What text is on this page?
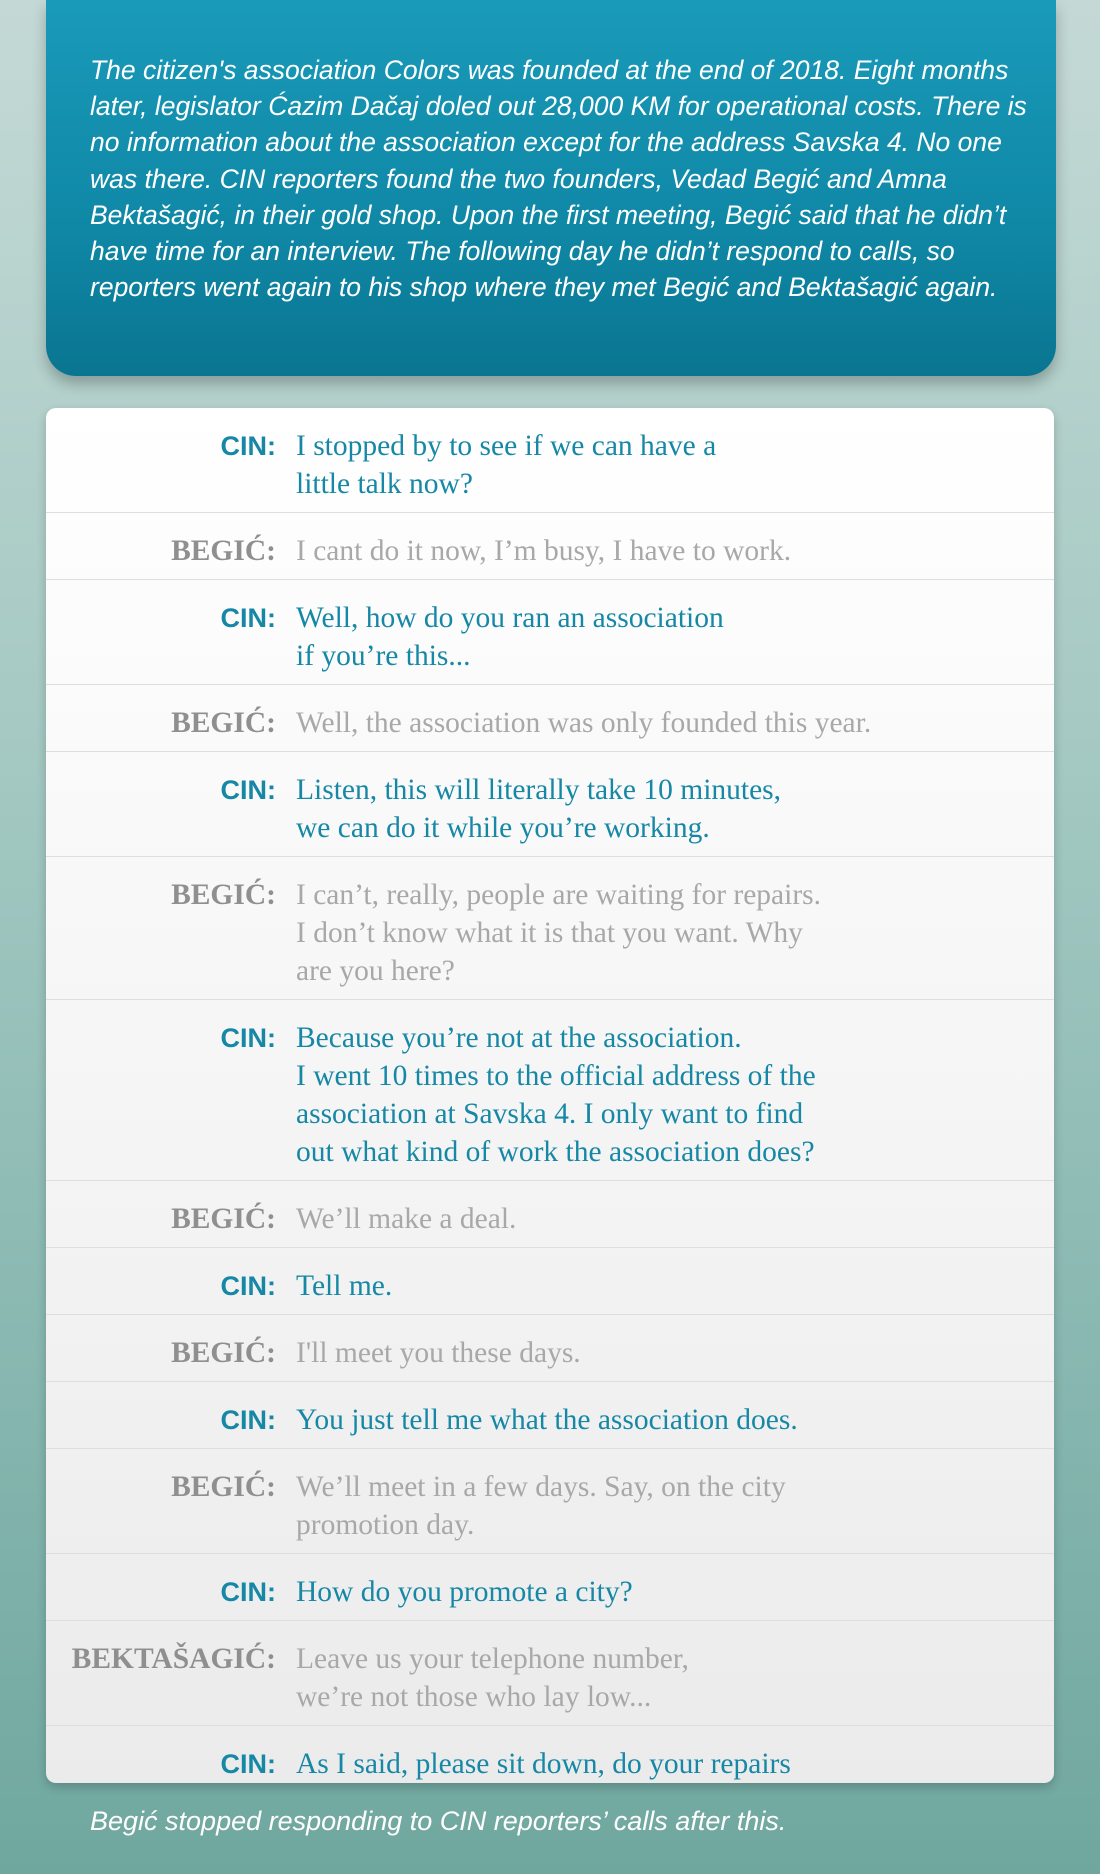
The citizen's association Colors was founded at the end of 2018. Eight months later, legislator Ćazim Dačaj doled out 28,000 KM for operational costs. There is no information about the association except for the address Savska 4. No one was there. CIN reporters found the two founders, Vedad Begić and Amna Bektašagić, in their gold shop. Upon the first meeting, Begić said that he didn’t have time for an interview. The following day he didn’t respond to calls, so reporters went again to his shop where they met Begić and Bektašagić again.

CIN: I stopped by to see if we can have a
little talk now?
BEGIĆ: I cant do it now, I’m busy, I have to work.
CIN: Well, how do you ran an association
if you’re this...
BEGIĆ: Well, the association was only founded this year.
CIN: Listen, this will literally take 10 minutes,
we can do it while you’re working.
BEGIĆ: I can’t, really, people are waiting for repairs.
I don’t know what it is that you want. Why
are you here?
CIN: Because you’re not at the association.
I went 10 times to the official address of the
association at Savska 4. I only want to find
out what kind of work the association does?
BEGIĆ: We’ll make a deal.
CIN: Tell me.
BEGIĆ: I'll meet you these days.
CIN: You just tell me what the association does.
BEGIĆ: We’ll meet in a few days. Say, on the city
promotion day.
CIN: How do you promote a city?
BEKTAŠAGIĆ: Leave us your telephone number,
we’re not those who lay low...
CIN: As I said, please sit down, do your repairs

Begić stopped responding to CIN reporters’ calls after this.
